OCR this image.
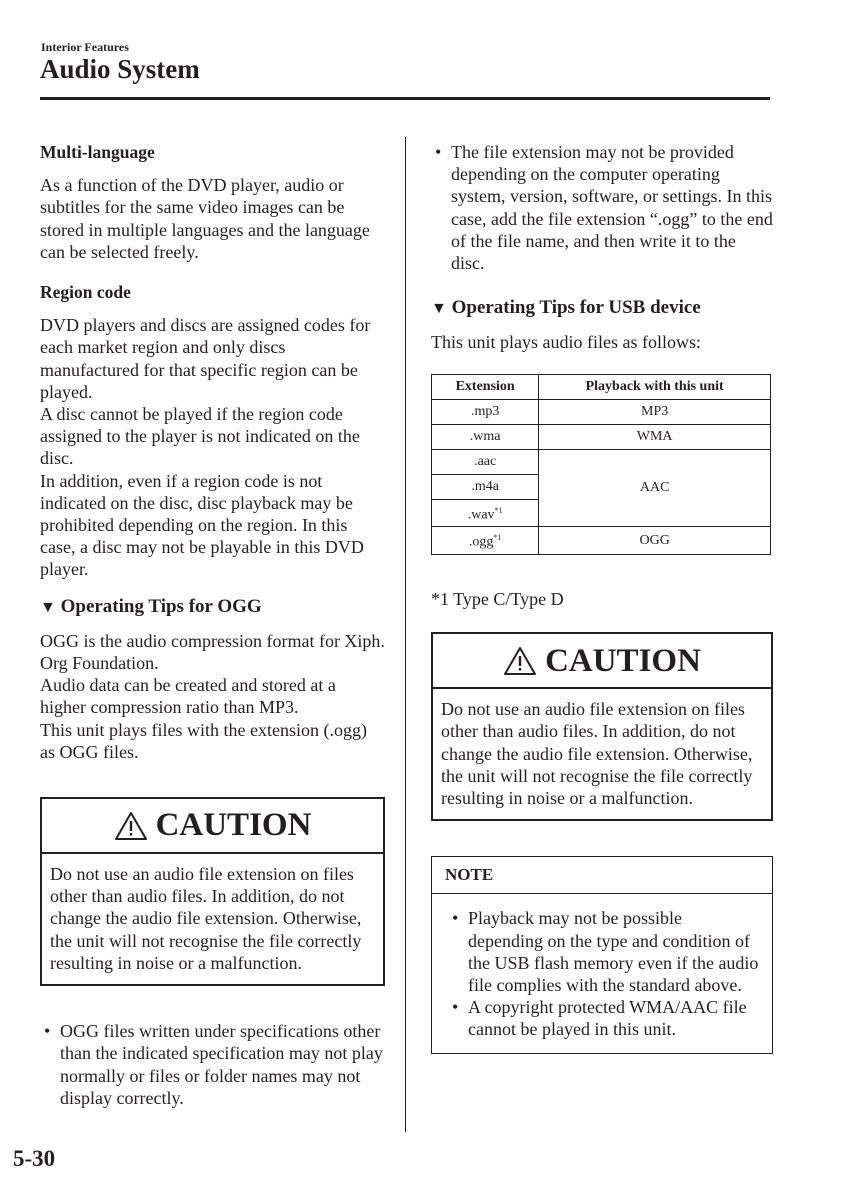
Interior Features
Audio System
Multi-language

As a function of the DVD player, audio or subtitles for the same video images can be stored in multiple languages and the language can be selected freely.

Region code

DVD players and discs are assigned codes for each market region and only discs manufactured for that specific region can be played.

A disc cannot be played if the region code assigned to the player is not indicated on the disc.

In addition, even if a region code is not indicated on the disc, disc playback may be prohibited depending on the region. In this case, a disc may not be playable in this DVD player.

▼ Operating Tips for OGG

OGG is the audio compression format for Xiph. Org Foundation.

Audio data can be created and stored at a higher compression ratio than MP3.

This unit plays files with the extension (.ogg) as OGG files.

CAUTION
Do not use an audio file extension on files other than audio files. In addition, do not change the audio file extension. Otherwise, the unit will not recognise the file correctly resulting in noise or a malfunction.
• OGG files written under specifications other than the indicated specification may not play normally or files or folder names may not display correctly.
• The file extension may not be provided depending on the computer operating system, version, software, or settings. In this case, add the file extension “.ogg” to the end of the file name, and then write it to the disc.
▼ Operating Tips for USB device

This unit plays audio files as follows:

Extension	Playback with this unit
.mp3	MP3
.wma	WMA
.aac	AAC
.m4a	
.wav$^{*1}$
.ogg$^{*1}$	OGG

*1 Type C/Type D

CAUTION
Do not use an audio file extension on files other than audio files. In addition, do not change the audio file extension. Otherwise, the unit will not recognise the file correctly resulting in noise or a malfunction.
NOTE
• Playback may not be possible depending on the type and condition of the USB flash memory even if the audio file complies with the standard above.
• A copyright protected WMA/AAC file cannot be played in this unit.
5-30
